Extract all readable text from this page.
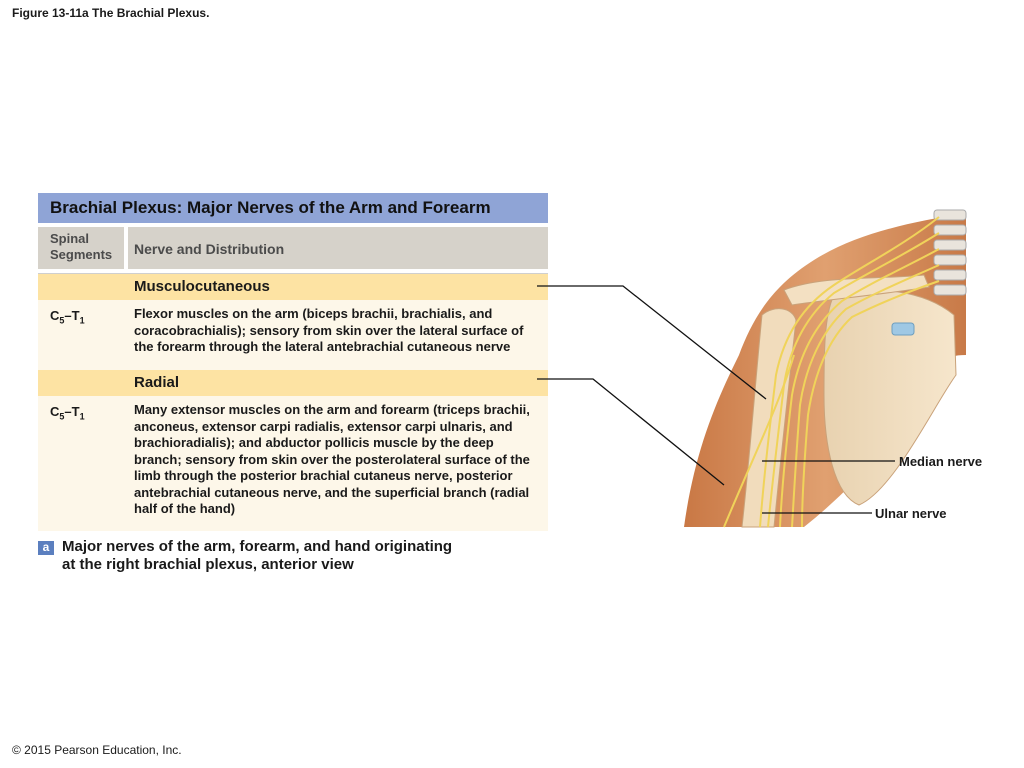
Figure 13-11a The Brachial Plexus.
Brachial Plexus: Major Nerves of the Arm and Forearm
Spinal Segments	Nerve and Distribution
Musculocutaneous
$C_5-T_1$	Flexor muscles on the arm (biceps brachii, brachialis, and coracobrachialis); sensory from skin over the lateral surface of the forearm through the lateral antebrachial cutaneous nerve
Radial
$C_5-T_1$	Many extensor muscles on the arm and forearm (triceps brachii, anconeus, extensor carpi radialis, extensor carpi ulnaris, and brachioradialis); and abductor pollicis muscle by the deep branch; sensory from skin over the posterolateral surface of the limb through the posterior brachial cutaneus nerve, posterior antebrachial cutaneous nerve, and the superficial branch (radial half of the hand)
a Major nerves of the arm, forearm, and hand originating
at the right brachial plexus, anterior view
Median nerve
Ulnar nerve
© 2015 Pearson Education, Inc.
